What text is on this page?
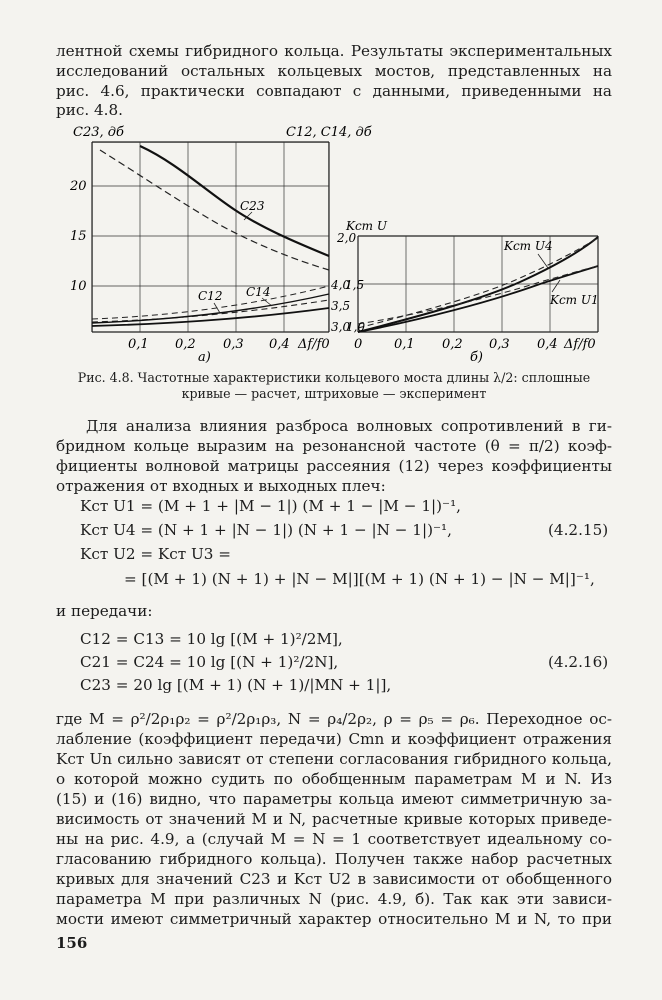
лентной схемы гибридного кольца. Результаты экспериментальных
исследований остальных кольцевых мостов, представленных на
рис. 4.6, практически совпадают с данными, приведенными на
рис. 4.8.
C23, дб	C12, C14, дб
20
15
10
0,1 0,2 0,3 0,4 Δf/f0
а)
4,0
3,5
3,0
C23
C12 C14
Kст U
2,0
1,5
1,0
0 0,1 0,2 0,3 0,4 Δf/f0
б)
Kст U4
Kст U1
Рис. 4.8. Частотные характеристики кольцевого моста длины λ/2: сплошные
кривые — расчет, штриховые — эксперимент
Для анализа влияния разброса волновых сопротивлений в ги-
бридном кольце выразим на резонансной частоте (θ = π/2) коэф-
фициенты волновой матрицы рассеяния (12) через коэффициенты
отражения от входных и выходных плеч:
Kст U1 = (M + 1 + |M − 1|) (M + 1 − |M − 1|)⁻¹,
Kст U4 = (N + 1 + |N − 1|) (N + 1 − |N − 1|)⁻¹,	(4.2.15)
Kст U2 = Kст U3 =
= [(M + 1) (N + 1) + |N − M|][(M + 1) (N + 1) − |N − M|]⁻¹,
и передачи:
C12 = C13 = 10 lg [(M + 1)²/2M],
C21 = C24 = 10 lg [(N + 1)²/2N],	(4.2.16)
C23 = 20 lg [(M + 1) (N + 1)/|MN + 1|],
где M = ρ²/2ρ₁ρ₂ = ρ²/2ρ₁ρ₃, N = ρ₄/2ρ₂, ρ = ρ₅ = ρ₆. Переходное ос-
лабление (коэффициент передачи) Cmn и коэффициент отражения
Kст Un сильно зависят от степени согласования гибридного кольца,
о которой можно судить по обобщенным параметрам M и N. Из
(15) и (16) видно, что параметры кольца имеют симметричную за-
висимость от значений M и N, расчетные кривые которых приведе-
ны на рис. 4.9, а (случай M = N = 1 соответствует идеальному со-
гласованию гибридного кольца). Получен также набор расчетных
кривых для значений C23 и Kст U2 в зависимости от обобщенного
параметра M при различных N (рис. 4.9, б). Так как эти зависи-
мости имеют симметричный характер относительно M и N, то при
156
